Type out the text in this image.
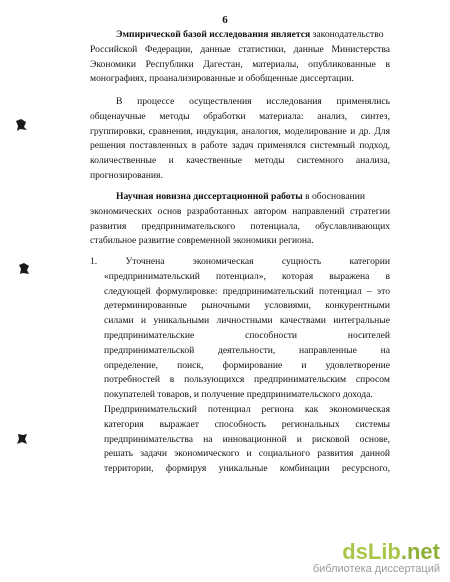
6
Эмпирической базой исследования является законодательство
Российской Федерации, данные статистики, данные Министерства
Экономики Республики Дагестан, материалы, опубликованные в
монографиях, проанализированные и обобщенные диссертации.
В процессе осуществления исследования применялись
общенаучные методы обработки материала: анализ, синтез,
группировки, сравнения, индукция, аналогия, моделирование и др. Для
решения поставленных в работе задач применялся системный подход,
количественные и качественные методы системного анализа,
прогнозирования.
Научная новизна диссертационной работы в обосновании
экономических основ разработанных автором направлений стратегии
развития предпринимательского потенциала, обуславливающих
стабильное развитие современной экономики региона.
1.	Уточнена экономическая сущность категории
«предпринимательский потенциал», которая выражена в
следующей формулировке: предпринимательский потенциал – это
детерминированные рыночными условиями, конкурентными
силами и уникальными личностными качествами интегральные
предпринимательские способности носителей
предпринимательской деятельности, направленные на
определение, поиск, формирование и удовлетворение
потребностей в пользующихся предпринимательским спросом
покупателей товаров, и получение предпринимательского дохода.
Предпринимательский потенциал региона как экономическая
категория выражает способность региональных системы
предпринимательства на инновационной и рисковой основе,
решать задачи экономического и социального развития данной
территории, формируя уникальные комбинации ресурсного,
dsLib.net
библиотека диссертаций
